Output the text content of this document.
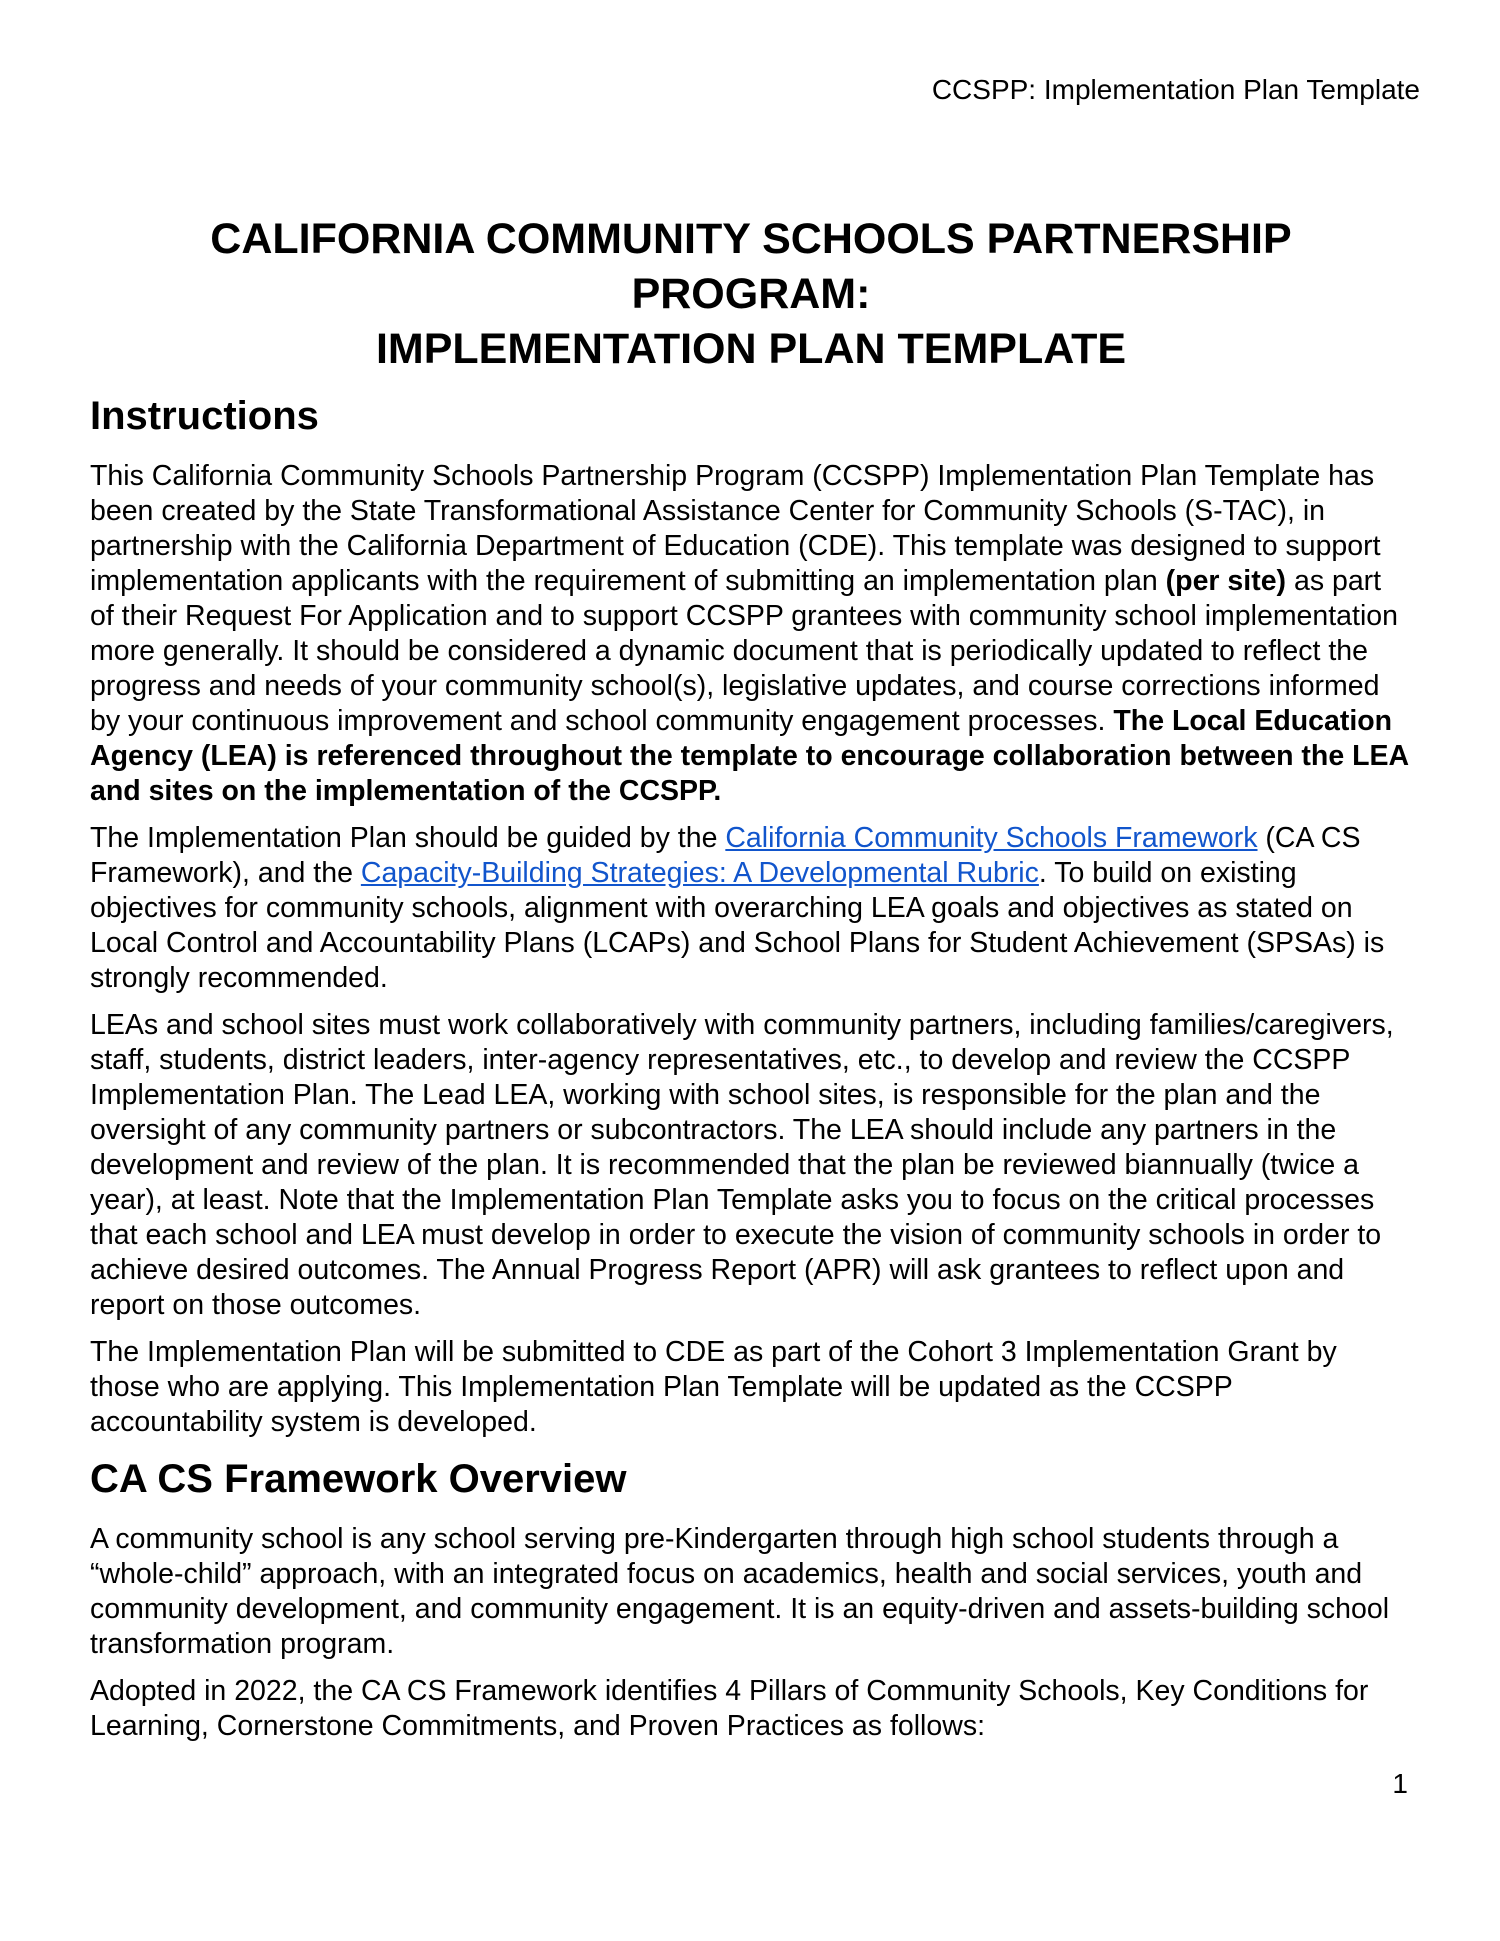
CCSPP: Implementation Plan Template
CALIFORNIA COMMUNITY SCHOOLS PARTNERSHIP
PROGRAM:
IMPLEMENTATION PLAN TEMPLATE
Instructions

This California Community Schools Partnership Program (CCSPP) Implementation Plan Template has been created by the State Transformational Assistance Center for Community Schools (S-TAC), in partnership with the California Department of Education (CDE). This template was designed to support implementation applicants with the requirement of submitting an implementation plan (per site) as part of their Request For Application and to support CCSPP grantees with community school implementation more generally. It should be considered a dynamic document that is periodically updated to reflect the progress and needs of your community school(s), legislative updates, and course corrections informed by your continuous improvement and school community engagement processes. The Local Education Agency (LEA) is referenced throughout the template to encourage collaboration between the LEA and sites on the implementation of the CCSPP.

The Implementation Plan should be guided by the California Community Schools Framework (CA CS Framework), and the Capacity-Building Strategies: A Developmental Rubric. To build on existing objectives for community schools, alignment with overarching LEA goals and objectives as stated on Local Control and Accountability Plans (LCAPs) and School Plans for Student Achievement (SPSAs) is strongly recommended.

LEAs and school sites must work collaboratively with community partners, including families/caregivers, staff, students, district leaders, inter-agency representatives, etc., to develop and review the CCSPP Implementation Plan. The Lead LEA, working with school sites, is responsible for the plan and the oversight of any community partners or subcontractors. The LEA should include any partners in the development and review of the plan. It is recommended that the plan be reviewed biannually (twice a year), at least. Note that the Implementation Plan Template asks you to focus on the critical processes that each school and LEA must develop in order to execute the vision of community schools in order to achieve desired outcomes. The Annual Progress Report (APR) will ask grantees to reflect upon and report on those outcomes.

The Implementation Plan will be submitted to CDE as part of the Cohort 3 Implementation Grant by those who are applying. This Implementation Plan Template will be updated as the CCSPP accountability system is developed.

CA CS Framework Overview

A community school is any school serving pre-Kindergarten through high school students through a “whole-child” approach, with an integrated focus on academics, health and social services, youth and community development, and community engagement. It is an equity-driven and assets-building school transformation program.

Adopted in 2022, the CA CS Framework identifies 4 Pillars of Community Schools, Key Conditions for Learning, Cornerstone Commitments, and Proven Practices as follows:

1
